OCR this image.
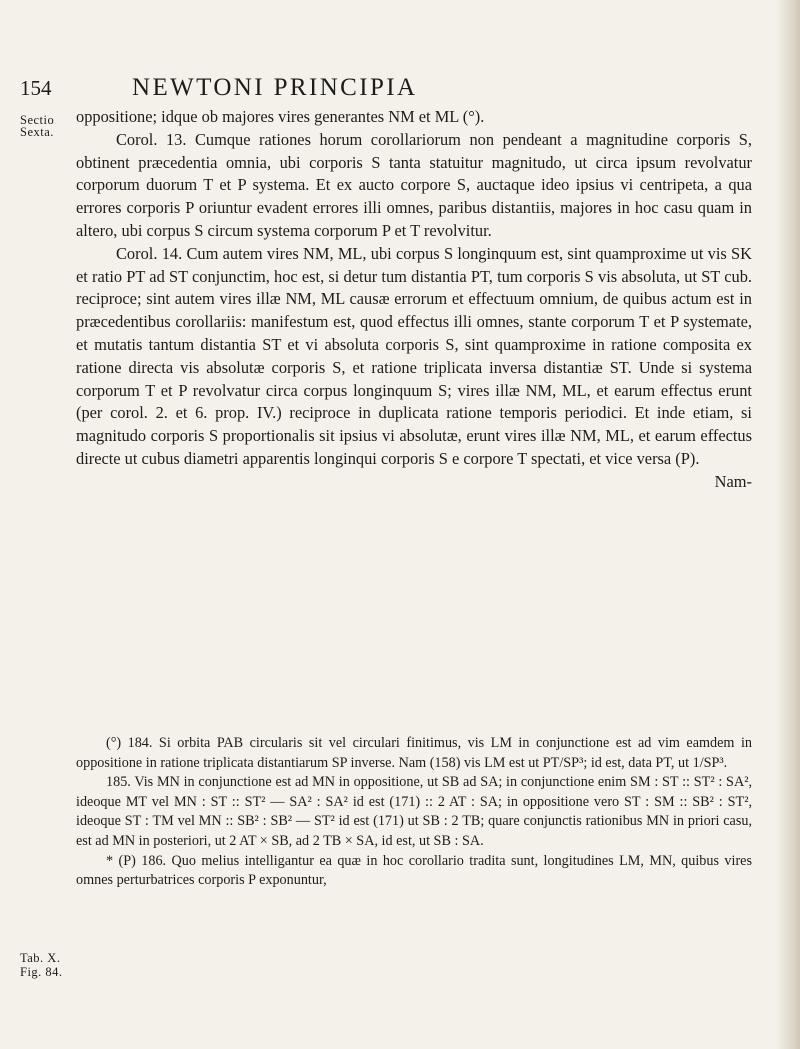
154	NEWTONI PRINCIPIA
Sectio
Sexta.
Tab. X.
Fig. 84.

oppositione; idque ob majores vires generantes NM et ML (°).

Corol. 13. Cumque rationes horum corollariorum non pendeant a magnitudine corporis S, obtinent præcedentia omnia, ubi corporis S tanta statuitur magnitudo, ut circa ipsum revolvatur corporum duorum T et P systema. Et ex aucto corpore S, auctaque ideo ipsius vi centripeta, a qua errores corporis P oriuntur evadent errores illi omnes, paribus distantiis, majores in hoc casu quam in altero, ubi corpus S circum systema corporum P et T revolvitur.

Corol. 14. Cum autem vires NM, ML, ubi corpus S longinquum est, sint quamproxime ut vis SK et ratio PT ad ST conjunctim, hoc est, si detur tum distantia PT, tum corporis S vis absoluta, ut ST cub. reciproce; sint autem vires illæ NM, ML causæ errorum et effectuum omnium, de quibus actum est in præcedentibus corollariis: manifestum est, quod effectus illi omnes, stante corporum T et P systemate, et mutatis tantum distantia ST et vi absoluta corporis S, sint quamproxime in ratione composita ex ratione directa vis absolutæ corporis S, et ratione triplicata inversa distantiæ ST. Unde si systema corporum T et P revolvatur circa corpus longinquum S; vires illæ NM, ML, et earum effectus erunt (per corol. 2. et 6. prop. IV.) reciproce in duplicata ratione temporis periodici. Et inde etiam, si magnitudo corporis S proportionalis sit ipsius vi absolutæ, erunt vires illæ NM, ML, et earum effectus directe ut cubus diametri apparentis longinqui corporis S e corpore T spectati, et vice versa (P).

Nam-

(°) 184. Si orbita PAB circularis sit vel circulari finitimus, vis LM in conjunctione est ad vim eamdem in oppositione in ratione triplicata distantiarum SP inverse. Nam (158) vis LM est ut PT/SP³; id est, data PT, ut 1/SP³.

185. Vis MN in conjunctione est ad MN in oppositione, ut SB ad SA; in conjunctione enim SM : ST :: ST² : SA², ideoque MT vel MN : ST :: ST² — SA² : SA² id est (171) :: 2 AT : SA; in oppositione vero ST : SM :: SB² : ST², ideoque ST : TM vel MN :: SB² : SB² — ST² id est (171) ut SB : 2 TB; quare conjunctis rationibus MN in priori casu, est ad MN in posteriori, ut 2 AT × SB, ad 2 TB × SA, id est, ut SB : SA.

* (P) 186. Quo melius intelligantur ea quæ in hoc corollario tradita sunt, longitudines LM, MN, quibus vires omnes perturbatrices corporis P exponuntur,
